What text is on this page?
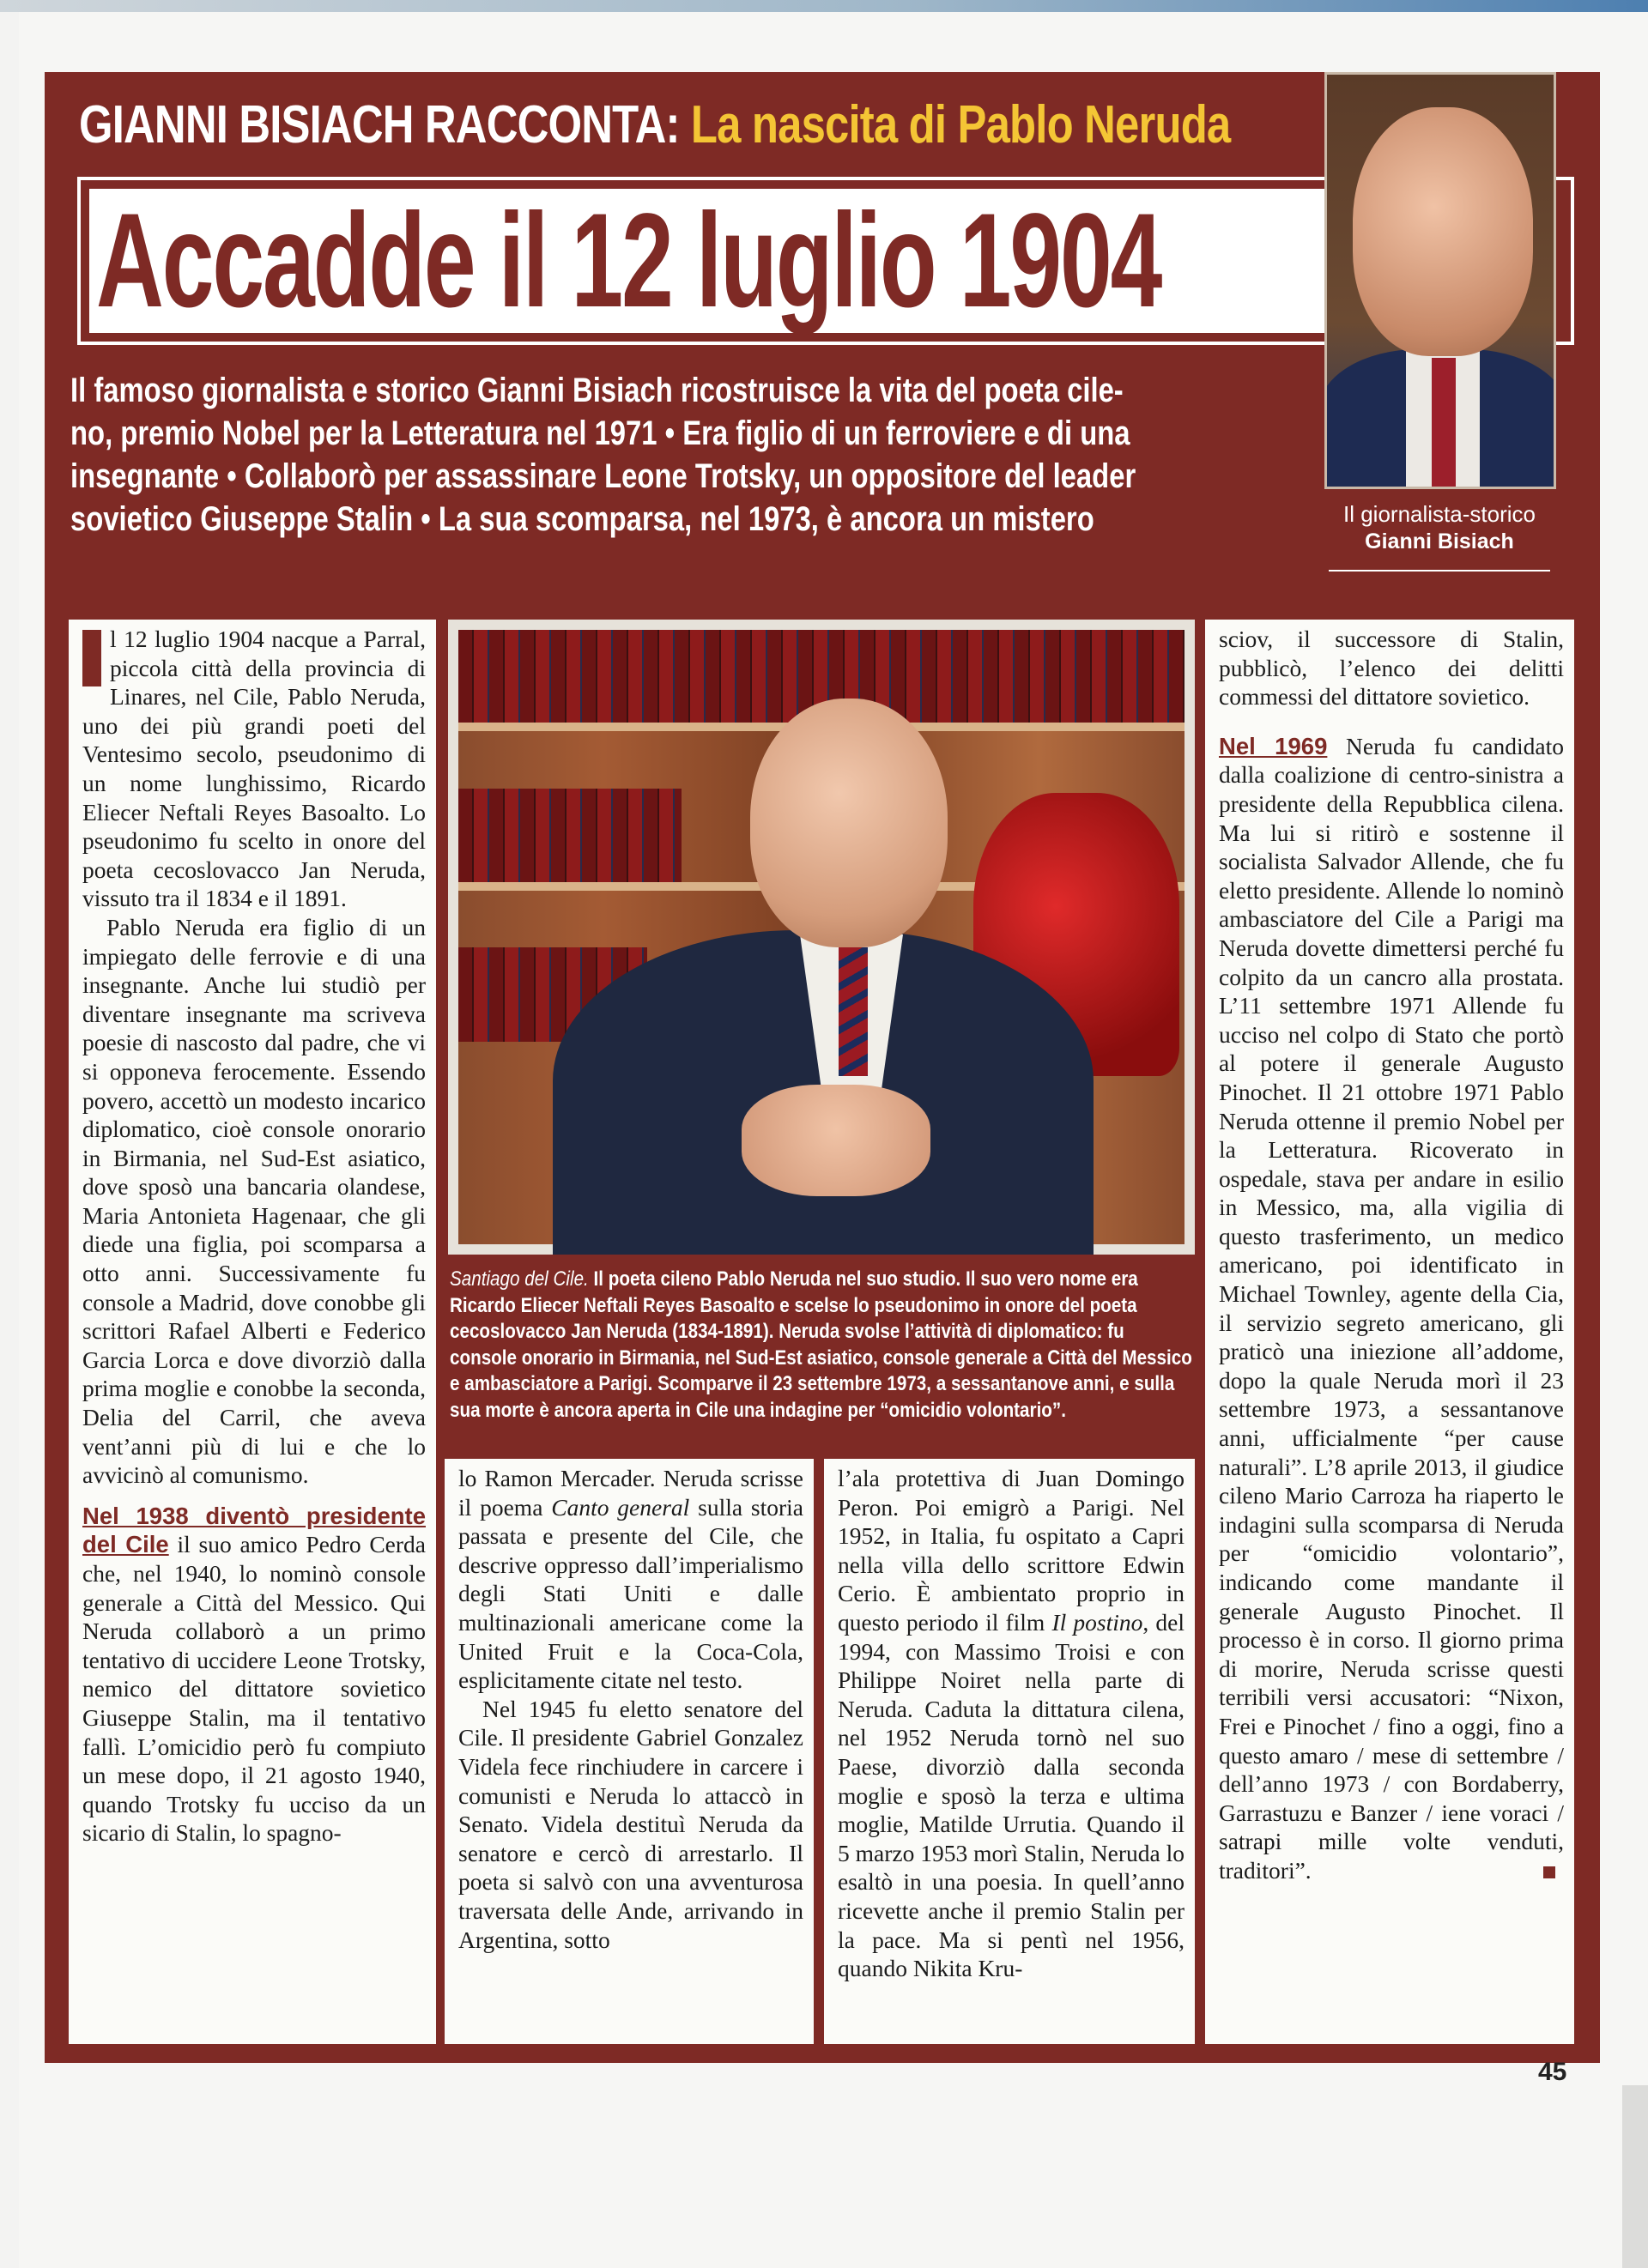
GIANNI BISIACH RACCONTA: La nascita di Pablo Neruda
Accadde il 12 luglio 1904
Il famoso giornalista e storico Gianni Bisiach ricostruisce la vita del poeta cile-
no, premio Nobel per la Letteratura nel 1971 • Era figlio di un ferroviere e di una
insegnante • Collaborò per assassinare Leone Trotsky, un oppositore del leader
sovietico Giuseppe Stalin • La sua scomparsa, nel 1973, è ancora un mistero	Il giornalista-storico
Gianni Bisiach

l 12 luglio 1904 nacque a Parral, piccola città della provincia di Linares, nel Cile, Pablo Neruda, uno dei più grandi poeti del Ventesimo secolo, pseudonimo di un nome lunghissimo, Ricardo Eliecer Neftali Reyes Basoalto. Lo pseudonimo fu scelto in onore del poeta cecoslovacco Jan Neruda, vissuto tra il 1834 e il 1891.

Pablo Neruda era figlio di un impiegato delle ferrovie e di una insegnante. Anche lui studiò per diventare insegnante ma scriveva poesie di nascosto dal padre, che vi si opponeva ferocemente. Essendo povero, accettò un modesto incarico diplomatico, cioè console onorario in Birmania, nel Sud-Est asiatico, dove sposò una bancaria olandese, Maria Antonieta Hagenaar, che gli diede una figlia, poi scomparsa a otto anni. Successivamente fu console a Madrid, dove conobbe gli scrittori Rafael Alberti e Federico Garcia Lorca e dove divorziò dalla prima moglie e conobbe la seconda, Delia del Carril, che aveva vent’anni più di lui e che lo avvicinò al comunismo.

Nel 1938 diventò presidente del Cile il suo amico Pedro Cerda che, nel 1940, lo nominò console generale a Città del Messico. Qui Neruda collaborò a un primo tentativo di uccidere Leone Trotsky, nemico del dittatore sovietico Giuseppe Stalin, ma il tentativo fallì. L’omicidio però fu compiuto un mese dopo, il 21 agosto 1940, quando Trotsky fu ucciso da un sicario di Stalin, lo spagno-

Santiago del Cile. Il poeta cileno Pablo Neruda nel suo studio. Il suo vero nome era Ricardo Eliecer Neftali Reyes Basoalto e scelse lo pseudonimo in onore del poeta cecoslovacco Jan Neruda (1834-1891). Neruda svolse l’attività di diplomatico: fu console onorario in Birmania, nel Sud-Est asiatico, console generale a Città del Messico e ambasciatore a Parigi. Scomparve il 23 settembre 1973, a sessantanove anni, e sulla sua morte è ancora aperta in Cile una indagine per “omicidio volontario”.

lo Ramon Mercader. Neruda scrisse il poema Canto general sulla storia passata e presente del Cile, che descrive oppresso dall’imperialismo degli Stati Uniti e dalle multinazionali americane come la United Fruit e la Coca-Cola, esplicitamente citate nel testo.

Nel 1945 fu eletto senatore del Cile. Il presidente Gabriel Gonzalez Videla fece rinchiudere in carcere i comunisti e Neruda lo attaccò in Senato. Videla destituì Neruda da senatore e cercò di arrestarlo. Il poeta si salvò con una avventurosa traversata delle Ande, arrivando in Argentina, sotto

l’ala protettiva di Juan Domingo Peron. Poi emigrò a Parigi. Nel 1952, in Italia, fu ospitato a Capri nella villa dello scrittore Edwin Cerio. È ambientato proprio in questo periodo il film Il postino, del 1994, con Massimo Troisi e con Philippe Noiret nella parte di Neruda. Caduta la dittatura cilena, nel 1952 Neruda tornò nel suo Paese, divorziò dalla seconda moglie e sposò la terza e ultima moglie, Matilde Urrutia. Quando il 5 marzo 1953 morì Stalin, Neruda lo esaltò in una poesia. In quell’anno ricevette anche il premio Stalin per la pace. Ma si pentì nel 1956, quando Nikita Kru-

sciov, il successore di Stalin, pubblicò, l’elenco dei delitti commessi del dittatore sovietico.

Nel 1969 Neruda fu candidato dalla coalizione di centro-sinistra a presidente della Repubblica cilena. Ma lui si ritirò e sostenne il socialista Salvador Allende, che fu eletto presidente. Allende lo nominò ambasciatore del Cile a Parigi ma Neruda dovette dimettersi perché fu colpito da un cancro alla prostata. L’11 settembre 1971 Allende fu ucciso nel colpo di Stato che portò al potere il generale Augusto Pinochet. Il 21 ottobre 1971 Pablo Neruda ottenne il premio Nobel per la Letteratura. Ricoverato in ospedale, stava per andare in esilio in Messico, ma, alla vigilia di questo trasferimento, un medico americano, poi identificato in Michael Townley, agente della Cia, il servizio segreto americano, gli praticò una iniezione all’addome, dopo la quale Neruda morì il 23 settembre 1973, a sessantanove anni, ufficialmente “per cause naturali”. L’8 aprile 2013, il giudice cileno Mario Carroza ha riaperto le indagini sulla scomparsa di Neruda per “omicidio volontario”, indicando come mandante il generale Augusto Pinochet. Il processo è in corso. Il giorno prima di morire, Neruda scrisse questi terribili versi accusatori: “Nixon, Frei e Pinochet / fino a oggi, fino a questo amaro / mese di settembre / dell’anno 1973 / con Bordaberry, Garrastuzu e Banzer / iene voraci / satrapi mille volte venduti, traditori”.

45
